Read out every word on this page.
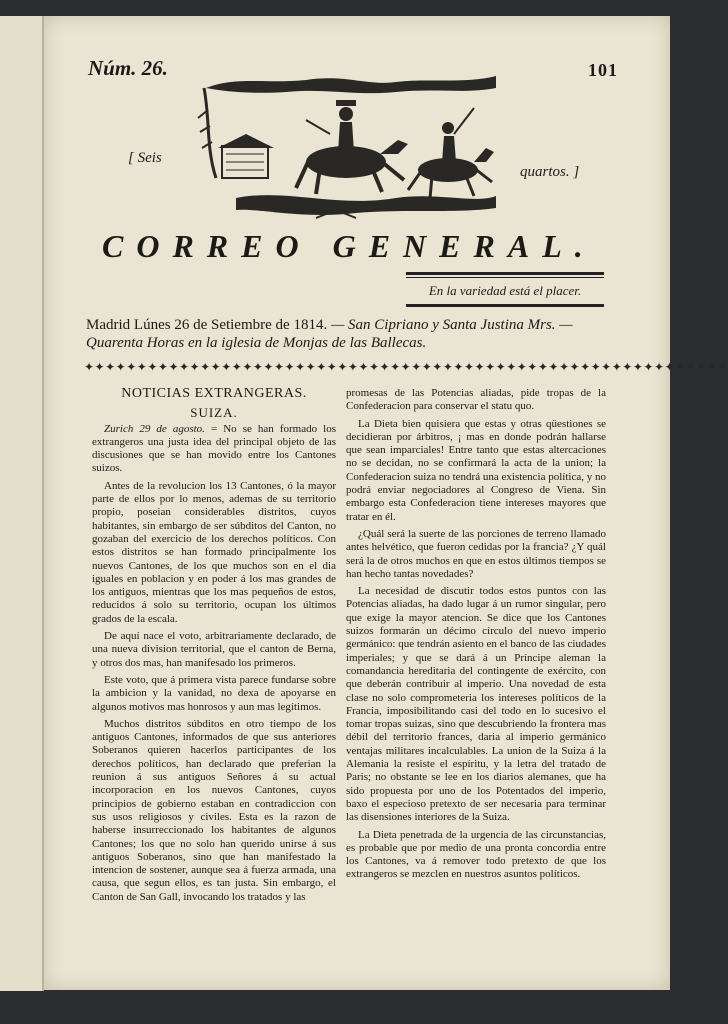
Núm. 26.	101
[ Seis
quartos. ]
CORREO GENERAL.
En la variedad está el placer.
Madrid Lúnes 26 de Setiembre de 1814. — San Cipriano y Santa Justina Mrs. — Quarenta Horas en la iglesia de Monjas de las Ballecas.
✦✦✦✦✦✦✦✦✦✦✦✦✦✦✦✦✦✦✦✦✦✦✦✦✦✦✦✦✦✦✦✦✦✦✦✦✦✦✦✦✦✦✦✦✦✦✦✦✦✦✦✦✦✦✦✦✦✦✦✦✦
NOTICIAS EXTRANGERAS.
SUIZA.

Zurich 29 de agosto. = No se han formado los extrangeros una justa idea del principal objeto de las discusiones que se han movido entre los Cantones suizos.

Antes de la revolucion los 13 Cantones, ó la mayor parte de ellos por lo menos, ademas de su territorio propio, poseian considerables distritos, cuyos habitantes, sin embargo de ser súbditos del Canton, no gozaban del exercicio de los derechos políticos. Con estos distritos se han formado principalmente los nuevos Cantones, de los que muchos son en el dia iguales en poblacion y en poder á los mas grandes de los antiguos, mientras que los mas pequeños de estos, reducidos á solo su territorio, ocupan los últimos grados de la escala.

De aquí nace el voto, arbitrariamente declarado, de una nueva division territorial, que el canton de Berna, y otros dos mas, han manifesado los primeros.

Este voto, que á primera vista parece fundarse sobre la ambicion y la vanidad, no dexa de apoyarse en algunos motivos mas honrosos y aun mas legítimos.

Muchos distritos súbditos en otro tiempo de los antiguos Cantones, informados de que sus anteriores Soberanos quieren hacerlos participantes de los derechos políticos, han declarado que preferian la reunion á sus antiguos Señores á su actual incorporacion en los nuevos Cantones, cuyos principios de gobierno estaban en contradiccion con sus usos religiosos y civiles. Esta es la razon de haberse insurreccionado los habitantes de algunos Cantones; los que no solo han querido unirse á sus antiguos Soberanos, sino que han manifestado la intencion de sostener, aunque sea á fuerza armada, una causa, que segun ellos, es tan justa. Sin embargo, el Canton de San Gall, invocando los tratados y las

promesas de las Potencias aliadas, pide tropas de la Confederacion para conservar el statu quo.

La Dieta bien quisiera que estas y otras qüestiones se decidieran por árbitros, ¡ mas en donde podrán hallarse que sean imparciales! Entre tanto que estas altercaciones no se decidan, no se confirmará la acta de la union; la Confederacion suiza no tendrá una existencia política, y no podrá enviar negociadores al Congreso de Viena. Sin embargo esta Confederacion tiene intereses mayores que tratar en él.

¿Quál será la suerte de las porciones de terreno llamado antes helvético, que fueron cedidas por la francia? ¿Y quál será la de otros muchos en que en estos últimos tiempos se han hecho tantas novedades?

La necesidad de discutir todos estos puntos con las Potencias aliadas, ha dado lugar á un rumor singular, pero que exige la mayor atencion. Se dice que los Cantones suizos formarán un décimo círculo del nuevo imperio germánico: que tendrán asiento en el banco de las ciudades imperiales; y que se dará á un Príncipe aleman la comandancia hereditaria del contingente de exército, con que deberán contribuir al imperio. Una novedad de esta clase no solo comprometeria los intereses políticos de la Francia, imposibilitando casi del todo en lo sucesivo el tomar tropas suizas, sino que descubriendo la frontera mas débil del territorio frances, daria al imperio germánico ventajas militares incalculables. La union de la Suiza á la Alemania la resiste el espíritu, y la letra del tratado de Paris; no obstante se lee en los diarios alemanes, que ha sido propuesta por uno de los Potentados del imperio, baxo el especioso pretexto de ser necesaria para terminar las disensiones interiores de la Suiza.

La Dieta penetrada de la urgencia de las circunstancias, es probable que por medio de una pronta concordia entre los Cantones, va á remover todo pretexto de que los extrangeros se mezclen en nuestros asuntos políticos.
